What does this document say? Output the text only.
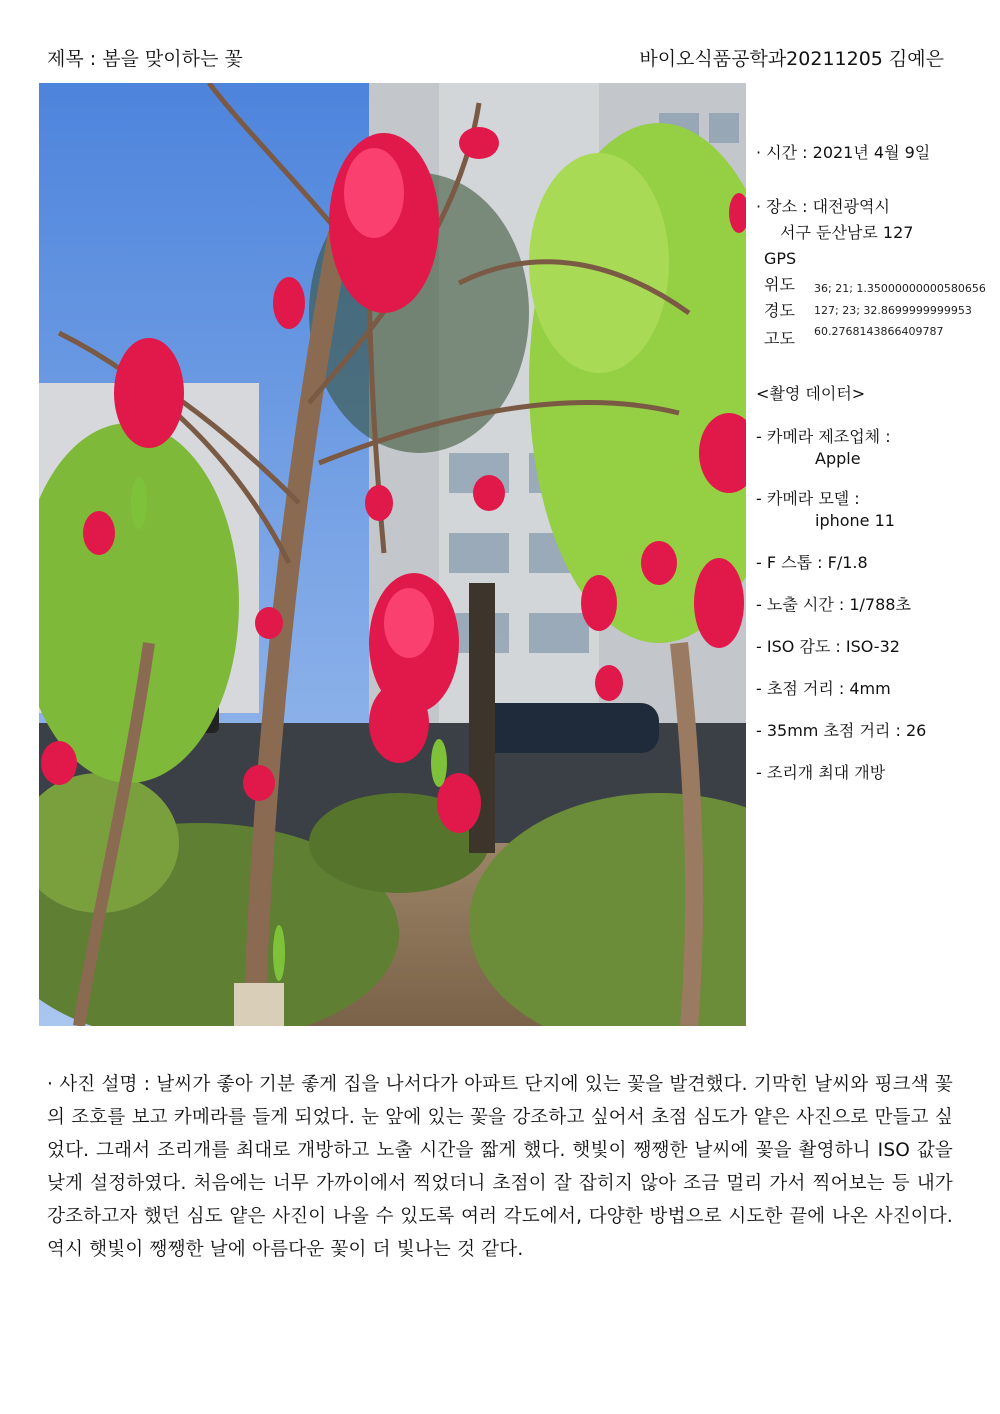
제목 : 봄을 맞이하는 꽃	바이오식품공학과20211205 김예은
· 시간 : 2021년 4월 9일
· 장소 : 대전광역시
서구 둔산남로 127
GPS
위도 36; 21; 1.35000000000580656
경도 127; 23; 32.8699999999953
고도 60.2768143866409787
<촬영 데이터>
- 카메라 제조업체 :
Apple
- 카메라 모델 :
iphone 11
- F 스톱 : F/1.8
- 노출 시간 : 1/788초
- ISO 감도 : ISO-32
- 초점 거리 : 4mm
- 35mm 초점 거리 : 26
- 조리개 최대 개방
· 사진 설명 : 날씨가 좋아 기분 좋게 집을 나서다가 아파트 단지에 있는 꽃을 발견했다. 기막힌 날씨와 핑크색 꽃의 조호를 보고 카메라를 들게 되었다. 눈 앞에 있는 꽃을 강조하고 싶어서 초점 심도가 얕은 사진으로 만들고 싶었다. 그래서 조리개를 최대로 개방하고 노출 시간을 짧게 했다. 햇빛이 쨍쨍한 날씨에 꽃을 촬영하니 ISO 값을 낮게 설정하였다. 처음에는 너무 가까이에서 찍었더니 초점이 잘 잡히지 않아 조금 멀리 가서 찍어보는 등 내가 강조하고자 했던 심도 얕은 사진이 나올 수 있도록 여러 각도에서, 다양한 방법으로 시도한 끝에 나온 사진이다. 역시 햇빛이 쨍쨍한 날에 아름다운 꽃이 더 빛나는 것 같다.
